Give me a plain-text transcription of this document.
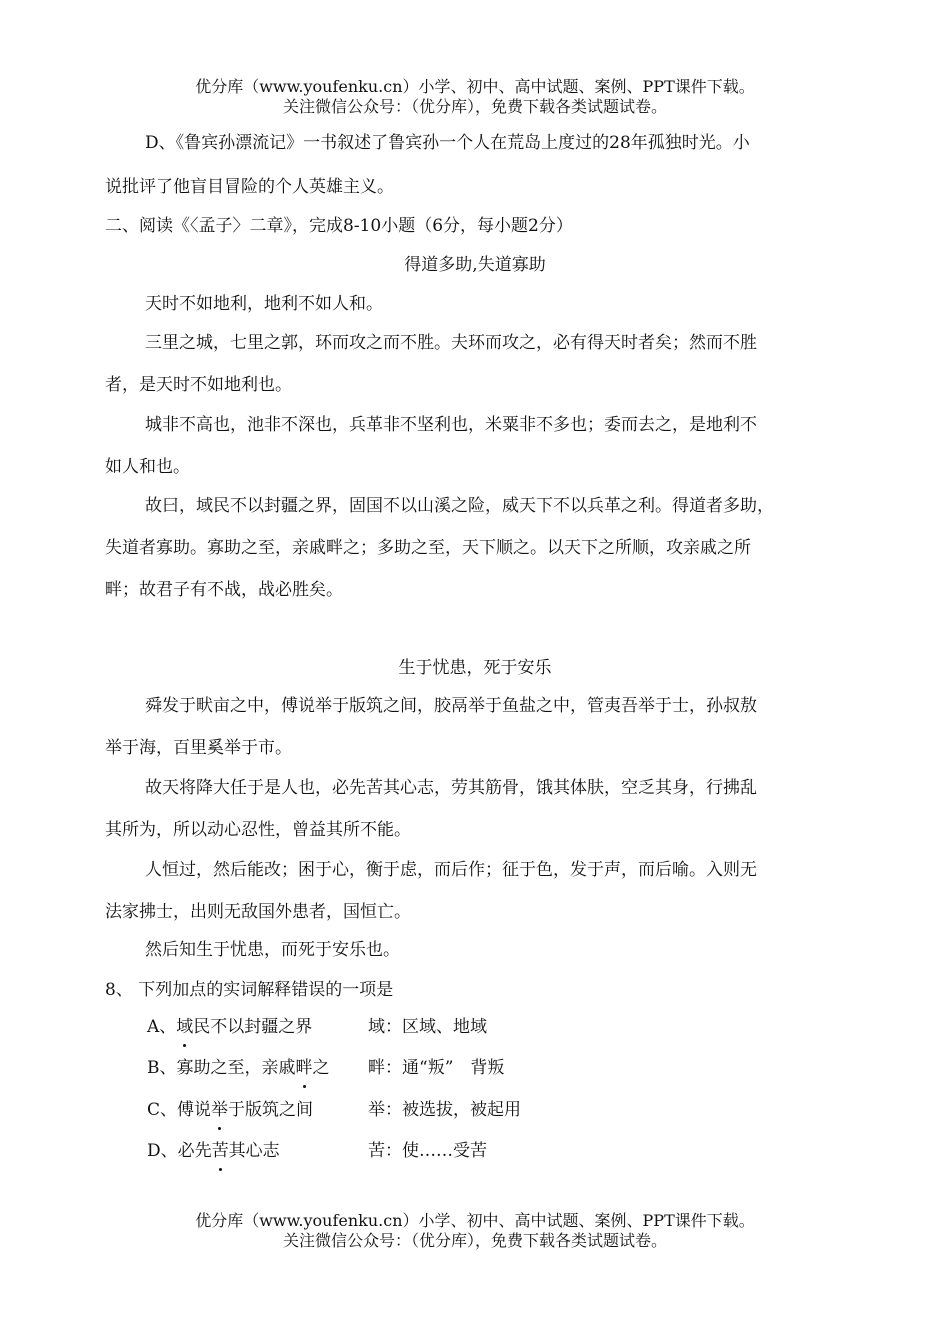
优分库（www.youfenku.cn）小学、初中、高中试题、案例、PPT课件下载。
关注微信公众号：（优分库），免费下载各类试题试卷。
D、《鲁宾孙漂流记》一书叙述了鲁宾孙一个人在荒岛上度过的28年孤独时光。小
说批评了他盲目冒险的个人英雄主义。
二、阅读《〈孟子〉二章》，完成8-10小题（6分，每小题2分）
得道多助,失道寡助
天时不如地利，地利不如人和。
三里之城，七里之郭，环而攻之而不胜。夫环而攻之，必有得天时者矣；然而不胜
者，是天时不如地利也。
城非不高也，池非不深也，兵革非不坚利也，米粟非不多也；委而去之，是地利不
如人和也。
故曰，域民不以封疆之界，固国不以山溪之险，威天下不以兵革之利。得道者多助，
失道者寡助。寡助之至，亲戚畔之；多助之至，天下顺之。以天下之所顺，攻亲戚之所
畔；故君子有不战，战必胜矣。
生于忧患，死于安乐
舜发于畎亩之中，傅说举于版筑之间，胶鬲举于鱼盐之中，管夷吾举于士，孙叔敖
举于海，百里奚举于市。
故天将降大任于是人也，必先苦其心志，劳其筋骨，饿其体肤，空乏其身，行拂乱
其所为，所以动心忍性，曾益其所不能。
人恒过，然后能改；困于心，衡于虑，而后作；征于色，发于声，而后喻。入则无
法家拂士，出则无敌国外患者，国恒亡。
然后知生于忧患，而死于安乐也。
8、 下列加点的实词解释错误的一项是
A、域民不以封疆之界	域：区域、地域
B、寡助之至，亲戚畔之 畔：通“叛”　背叛
C、傅说举于版筑之间	举：被选拔，被起用
D、必先苦其心志	苦：使……受苦
优分库（www.youfenku.cn）小学、初中、高中试题、案例、PPT课件下载。
关注微信公众号：（优分库），免费下载各类试题试卷。
